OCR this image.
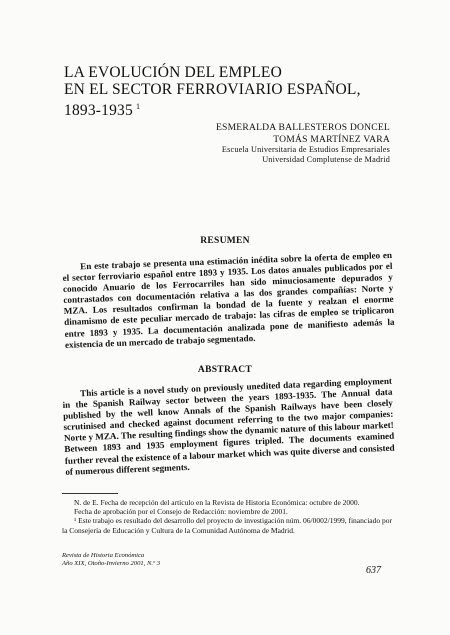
LA EVOLUCIÓN DEL EMPLEO
EN EL SECTOR FERROVIARIO ESPAÑOL,
1893-1935 $^1$
ESMERALDA BALLESTEROS DONCEL
TOMÁS MARTÍNEZ VARA
Escuela Universitaria de Estudios Empresariales
Universidad Complutense de Madrid
RESUMEN

En este trabajo se presenta una estimación inédita sobre la oferta de empleo en el sector ferroviario español entre 1893 y 1935. Los datos anuales publicados por el conocido Anuario de los Ferrocarriles han sido minuciosamente depurados y contrastados con documentación relativa a las dos grandes compañías: Norte y MZA. Los resultados confirman la bondad de la fuente y realzan el enorme dinamismo de este peculiar mercado de trabajo: las cifras de empleo se triplicaron entre 1893 y 1935. La documentación analizada pone de manifiesto además la existencia de un mercado de trabajo segmentado.

ABSTRACT

This article is a novel study on previously unedited data regarding employment in the Spanish Railway sector between the years 1893-1935. The Annual data published by the well know Annals of the Spanish Railways have been closely scrutinised and checked against document referring to the two major companies: Norte y MZA. The resulting findings show the dynamic nature of this labour market! Between 1893 and 1935 employment figures tripled. The documents examined further reveal the existence of a labour market which was quite diverse and consisted of numerous different segments.

N. de E. Fecha de recepción del artículo en la Revista de Historia Económica: octubre de 2000.

Fecha de aprobación por el Consejo de Redacción: noviembre de 2001.

¹ Este trabajo es resultado del desarrollo del proyecto de investigación núm. 06/0002/1999, financiado por la Consejería de Educación y Cultura de la Comunidad Autónoma de Madrid.

Revista de Historia Económica
Año XIX, Otoño-Invierno 2001, N.º 3
637
